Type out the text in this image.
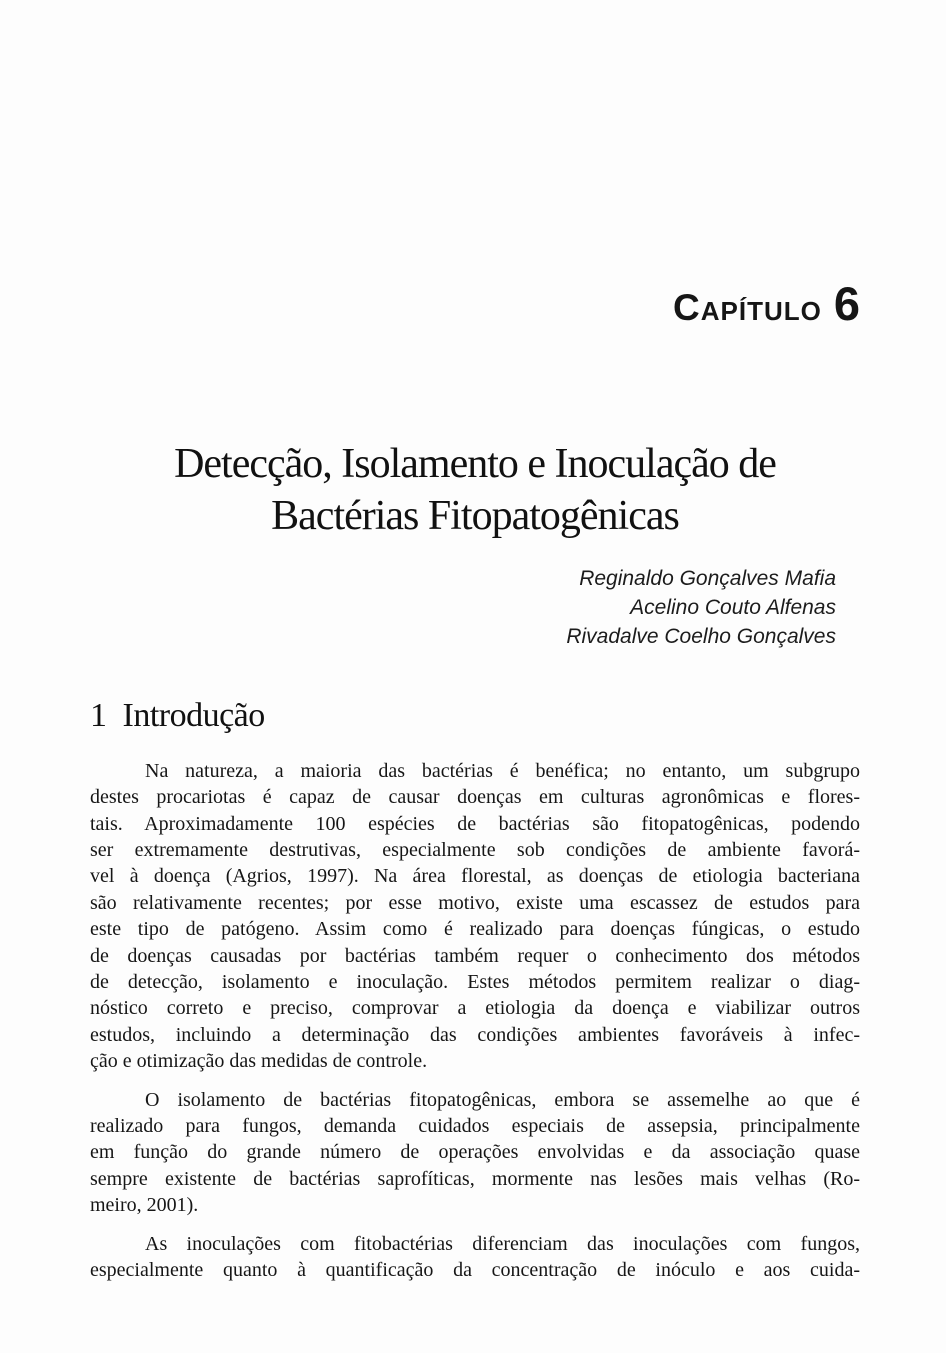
Capítulo 6
Detecção, Isolamento e Inoculação de
Bactérias Fitopatogênicas
Reginaldo Gonçalves Mafia
Acelino Couto Alfenas
Rivadalve Coelho Gonçalves
1 Introdução
Na natureza, a maioria das bactérias é benéfica; no entanto, um subgrupo
destes procariotas é capaz de causar doenças em culturas agronômicas e flores-
tais. Aproximadamente 100 espécies de bactérias são fitopatogênicas, podendo
ser extremamente destrutivas, especialmente sob condições de ambiente favorá-
vel à doença (Agrios, 1997). Na área florestal, as doenças de etiologia bacteriana
são relativamente recentes; por esse motivo, existe uma escassez de estudos para
este tipo de patógeno. Assim como é realizado para doenças fúngicas, o estudo
de doenças causadas por bactérias também requer o conhecimento dos métodos
de detecção, isolamento e inoculação. Estes métodos permitem realizar o diag-
nóstico correto e preciso, comprovar a etiologia da doença e viabilizar outros
estudos, incluindo a determinação das condições ambientes favoráveis à infec-
ção e otimização das medidas de controle.
O isolamento de bactérias fitopatogênicas, embora se assemelhe ao que é
realizado para fungos, demanda cuidados especiais de assepsia, principalmente
em função do grande número de operações envolvidas e da associação quase
sempre existente de bactérias saprofíticas, mormente nas lesões mais velhas (Ro-
meiro, 2001).
As inoculações com fitobactérias diferenciam das inoculações com fungos,
especialmente quanto à quantificação da concentração de inóculo e aos cuida-
